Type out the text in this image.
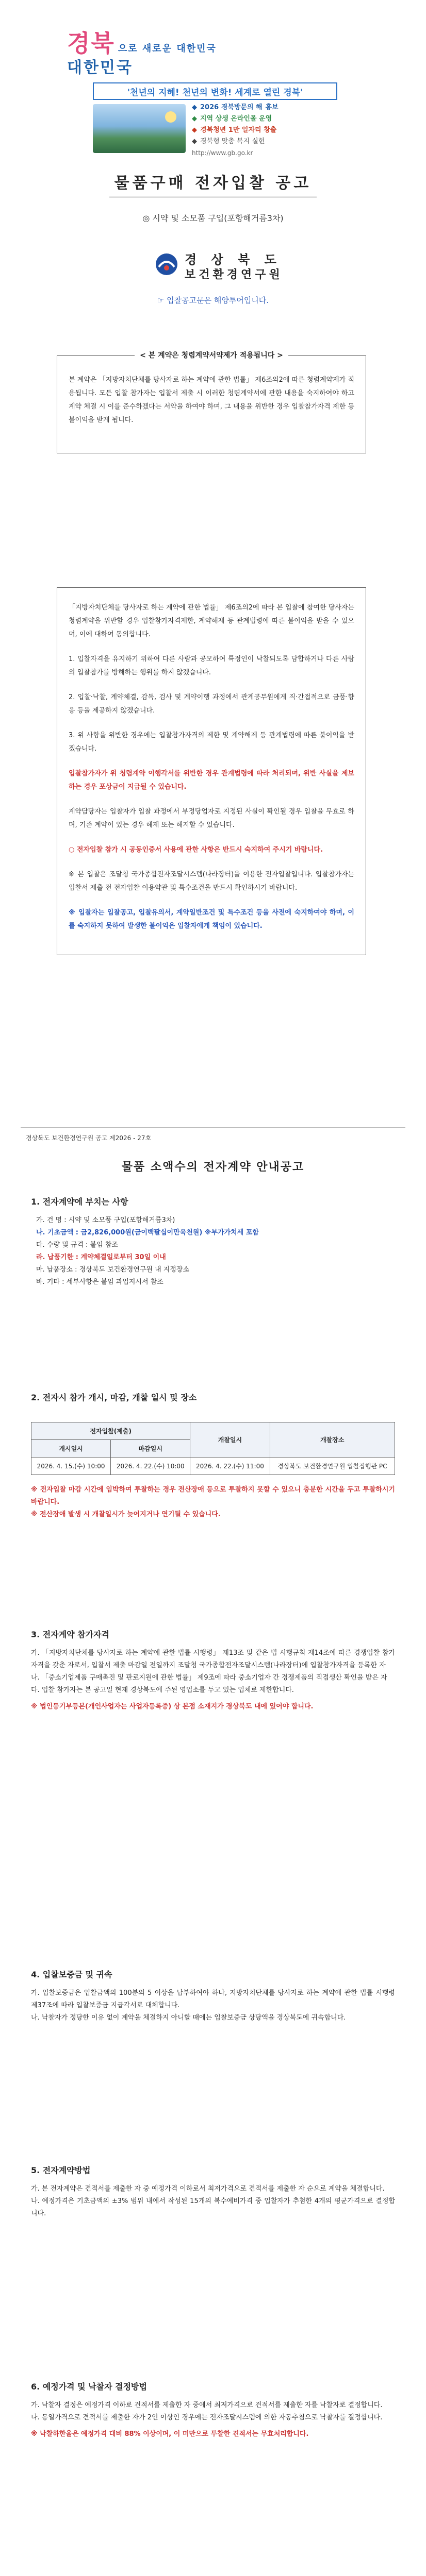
경북 으로 새로운 대한민국
대한민국
'천년의 지혜! 천년의 변화! 세계로 열린 경북'
◆ 2026 경북방문의 해 홍보
◆ 지역 상생 온라인몰 운영
◆ 경북청년 1만 일자리 창출
◆ 경북형 맞춤 복지 실현
http://www.gb.go.kr
물품구매 전자입찰 공고
◎ 시약 및 소모품 구입(포항해거름3차)
경 상 북 도
보건환경연구원
☞ 입찰공고문은 해양투어입니다.
< 본 계약은 청렴계약서약제가 적용됩니다 >

본 계약은 「지방자치단체를 당사자로 하는 계약에 관한 법률」 제6조의2에 따른 청렴계약제가 적용됩니다. 모든 입찰 참가자는 입찰서 제출 시 이러한 청렴계약서에 관한 내용을 숙지하여야 하고 계약 체결 시 이를 준수하겠다는 서약을 하여야 하며, 그 내용을 위반한 경우 입찰참가자격 제한 등 불이익을 받게 됩니다.

「지방자치단체를 당사자로 하는 계약에 관한 법률」 제6조의2에 따라 본 입찰에 참여한 당사자는 청렴계약을 위반할 경우 입찰참가자격제한, 계약해제 등 관계법령에 따른 불이익을 받을 수 있으며, 이에 대하여 동의합니다.

1. 입찰자격을 유지하기 위하여 다른 사람과 공모하여 특정인이 낙찰되도록 담합하거나 다른 사람의 입찰참가를 방해하는 행위를 하지 않겠습니다.

2. 입찰·낙찰, 계약체결, 감독, 검사 및 계약이행 과정에서 관계공무원에게 직·간접적으로 금품·향응 등을 제공하지 않겠습니다.

3. 위 사항을 위반한 경우에는 입찰참가자격의 제한 및 계약해제 등 관계법령에 따른 불이익을 받겠습니다.

입찰참가자가 위 청렴계약 이행각서를 위반한 경우 관계법령에 따라 처리되며, 위반 사실을 제보하는 경우 포상금이 지급될 수 있습니다.

계약담당자는 입찰자가 입찰 과정에서 부정당업자로 지정된 사실이 확인될 경우 입찰을 무효로 하며, 기존 계약이 있는 경우 해제 또는 해지할 수 있습니다.

○ 전자입찰 참가 시 공동인증서 사용에 관한 사항은 반드시 숙지하여 주시기 바랍니다.

※ 본 입찰은 조달청 국가종합전자조달시스템(나라장터)을 이용한 전자입찰입니다. 입찰참가자는 입찰서 제출 전 전자입찰 이용약관 및 특수조건을 반드시 확인하시기 바랍니다.

※ 입찰자는 입찰공고, 입찰유의서, 계약일반조건 및 특수조건 등을 사전에 숙지하여야 하며, 이를 숙지하지 못하여 발생한 불이익은 입찰자에게 책임이 있습니다.

경상북도 보건환경연구원 공고 제2026 - 27호
물품 소액수의 전자계약 안내공고
1. 전자계약에 부치는 사항
가. 건 명 : 시약 및 소모품 구입(포항해거름3차)
나. 기초금액 : 금2,826,000원(금이백팔십이만육천원) ※부가가치세 포함
다. 수량 및 규격 : 붙임 참조
라. 납품기한 : 계약체결일로부터 30일 이내
마. 납품장소 : 경상북도 보건환경연구원 내 지정장소
바. 기타 : 세부사항은 붙임 과업지시서 참조
2. 전자시 참가 개시, 마감, 개찰 일시 및 장소
전자입찰(제출)		개찰일시	개찰장소
개시일시	마감일시		
2026. 4. 15.(수) 10:00	2026. 4. 22.(수) 10:00	2026. 4. 22.(수) 11:00	경상북도 보건환경연구원 입찰집행관 PC

※ 전자입찰 마감 시간에 임박하여 투찰하는 경우 전산장애 등으로 투찰하지 못할 수 있으니 충분한 시간을 두고 투찰하시기 바랍니다.

※ 전산장애 발생 시 개찰일시가 늦어지거나 연기될 수 있습니다.

3. 전자계약 참가자격

가. 「지방자치단체를 당사자로 하는 계약에 관한 법률 시행령」 제13조 및 같은 법 시행규칙 제14조에 따른 경쟁입찰 참가자격을 갖춘 자로서, 입찰서 제출 마감일 전일까지 조달청 국가종합전자조달시스템(나라장터)에 입찰참가자격을 등록한 자
나. 「중소기업제품 구매촉진 및 판로지원에 관한 법률」 제9조에 따라 중소기업자 간 경쟁제품의 직접생산 확인을 받은 자
다. 입찰 참가자는 본 공고일 현재 경상북도에 주된 영업소를 두고 있는 업체로 제한합니다.

※ 법인등기부등본(개인사업자는 사업자등록증) 상 본점 소재지가 경상북도 내에 있어야 합니다.

4. 입찰보증금 및 귀속

가. 입찰보증금은 입찰금액의 100분의 5 이상을 납부하여야 하나, 지방자치단체를 당사자로 하는 계약에 관한 법률 시행령 제37조에 따라 입찰보증금 지급각서로 대체합니다.
나. 낙찰자가 정당한 이유 없이 계약을 체결하지 아니할 때에는 입찰보증금 상당액을 경상북도에 귀속합니다.

5. 전자계약방법

가. 본 전자계약은 견적서를 제출한 자 중 예정가격 이하로서 최저가격으로 견적서를 제출한 자 순으로 계약을 체결합니다.
나. 예정가격은 기초금액의 ±3% 범위 내에서 작성된 15개의 복수예비가격 중 입찰자가 추첨한 4개의 평균가격으로 결정합니다.

6. 예정가격 및 낙찰자 결정방법

가. 낙찰자 결정은 예정가격 이하로 견적서를 제출한 자 중에서 최저가격으로 견적서를 제출한 자를 낙찰자로 결정합니다.
나. 동일가격으로 견적서를 제출한 자가 2인 이상인 경우에는 전자조달시스템에 의한 자동추첨으로 낙찰자를 결정합니다.

※ 낙찰하한율은 예정가격 대비 88% 이상이며, 이 미만으로 투찰한 견적서는 무효처리합니다.
